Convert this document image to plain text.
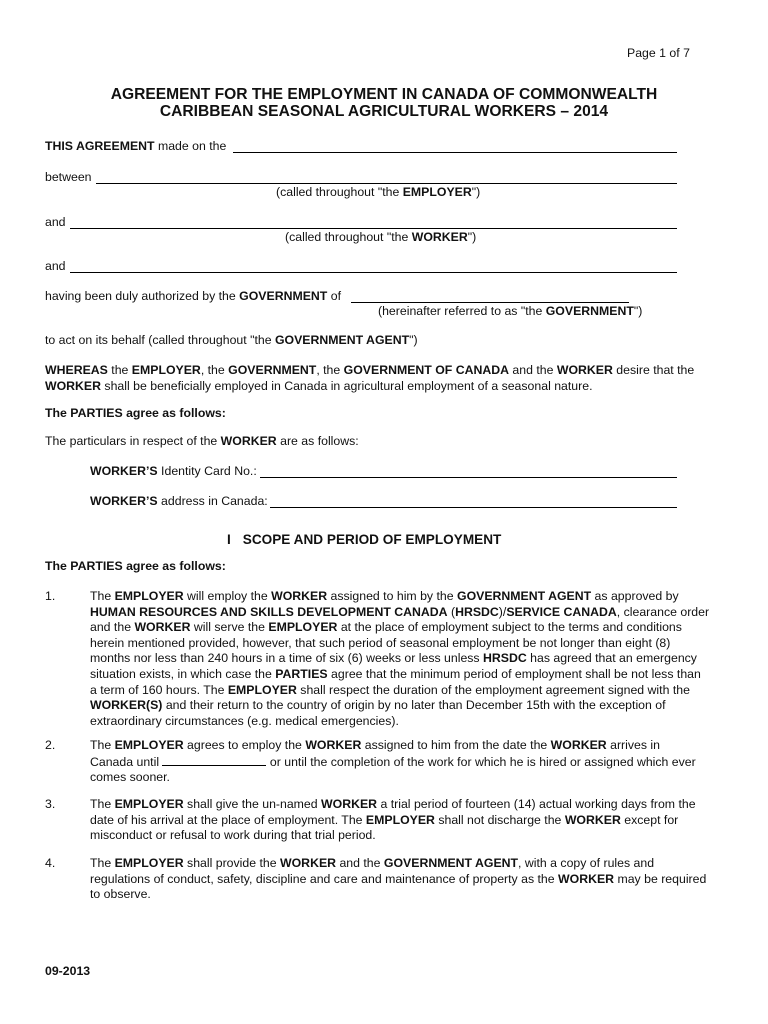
Page 1 of 7
AGREEMENT FOR THE EMPLOYMENT IN CANADA OF COMMONWEALTH
CARIBBEAN SEASONAL AGRICULTURAL WORKERS – 2014
THIS AGREEMENT made on the
between
(called throughout "the EMPLOYER")
and
(called throughout "the WORKER")
and
having been duly authorized by the GOVERNMENT of
(hereinafter referred to as "the GOVERNMENT")
to act on its behalf (called throughout "the GOVERNMENT AGENT")
WHEREAS the EMPLOYER, the GOVERNMENT, the GOVERNMENT OF CANADA and the WORKER desire that the
WORKER shall be beneficially employed in Canada in agricultural employment of a seasonal nature.
The PARTIES agree as follows:
The particulars in respect of the WORKER are as follows:
WORKER’S Identity Card No.:
WORKER’S address in Canada:
I SCOPE AND PERIOD OF EMPLOYMENT
The PARTIES agree as follows:
1.	The EMPLOYER will employ the WORKER assigned to him by the GOVERNMENT AGENT as approved by HUMAN RESOURCES AND SKILLS DEVELOPMENT CANADA (HRSDC)/SERVICE CANADA, clearance order and the WORKER will serve the EMPLOYER at the place of employment subject to the terms and conditions herein mentioned provided, however, that such period of seasonal employment be not longer than eight (8) months nor less than 240 hours in a time of six (6) weeks or less unless HRSDC has agreed that an emergency situation exists, in which case the PARTIES agree that the minimum period of employment shall be not less than a term of 160 hours. The EMPLOYER shall respect the duration of the employment agreement signed with the WORKER(S) and their return to the country of origin by no later than December 15th with the exception of extraordinary circumstances (e.g. medical emergencies).
2.	The EMPLOYER agrees to employ the WORKER assigned to him from the date the WORKER arrives in
Canada until	or until the completion of the work for which he is hired or assigned which ever
comes sooner.
3.	The EMPLOYER shall give the un-named WORKER a trial period of fourteen (14) actual working days from the date of his arrival at the place of employment. The EMPLOYER shall not discharge the WORKER except for misconduct or refusal to work during that trial period.
4.	The EMPLOYER shall provide the WORKER and the GOVERNMENT AGENT, with a copy of rules and regulations of conduct, safety, discipline and care and maintenance of property as the WORKER may be required to observe.
09-2013
